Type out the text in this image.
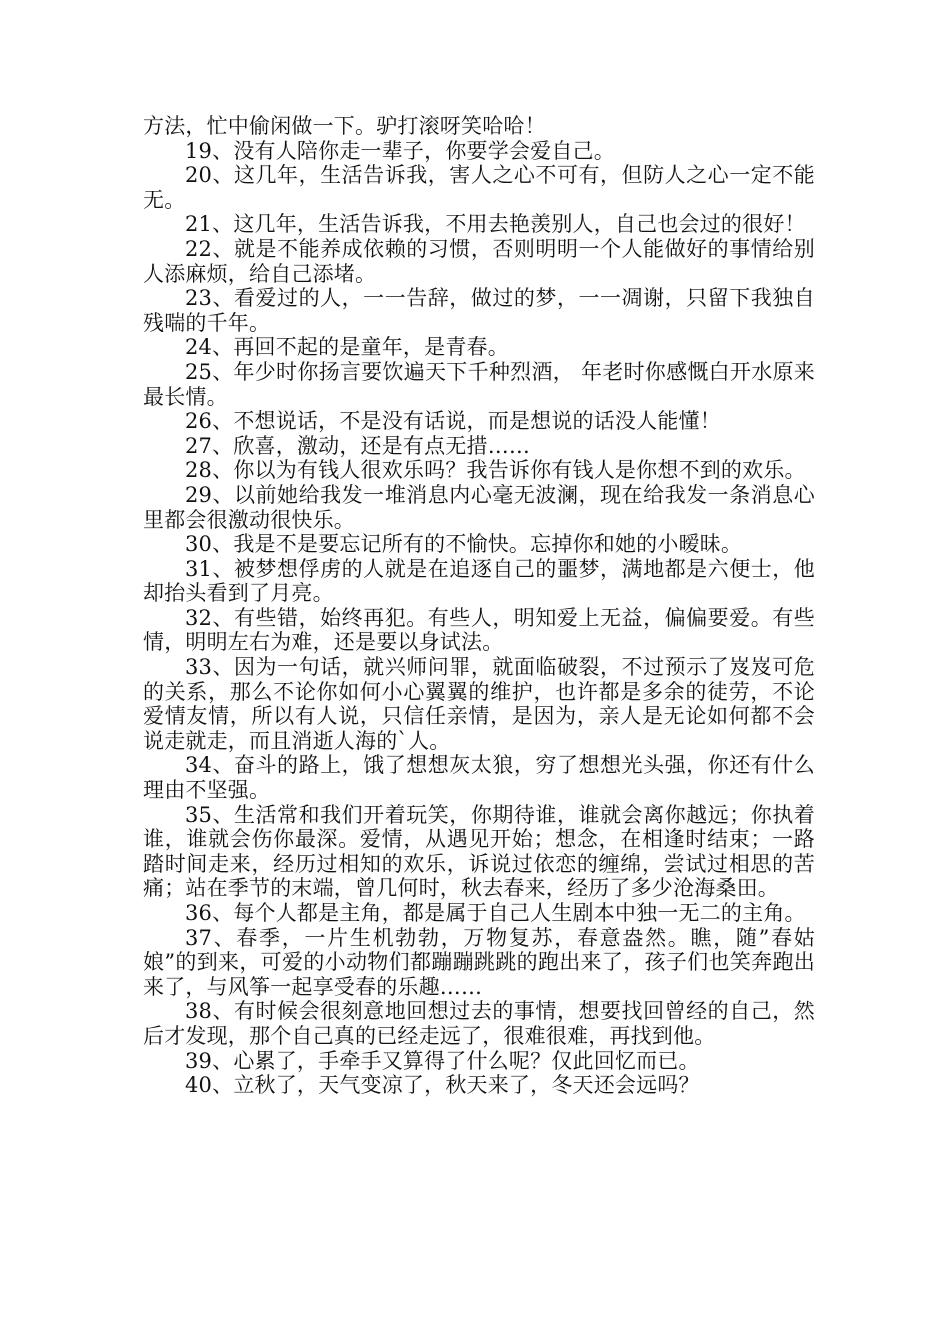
方法，忙中偷闲做一下。驴打滚呀笑哈哈！

19、没有人陪你走一辈子，你要学会爱自己。

20、这几年，生活告诉我，害人之心不可有，但防人之心一定不能无。

21、这几年，生活告诉我，不用去艳羡别人，自己也会过的很好！

22、就是不能养成依赖的习惯，否则明明一个人能做好的事情给别人添麻烦，给自己添堵。

23、看爱过的人，一一告辞，做过的梦，一一凋谢，只留下我独自残喘的千年。

24、再回不起的是童年，是青春。

25、年少时你扬言要饮遍天下千种烈酒， 年老时你感慨白开水原来最长情。

26、不想说话，不是没有话说，而是想说的话没人能懂！

27、欣喜，激动，还是有点无措……

28、你以为有钱人很欢乐吗？我告诉你有钱人是你想不到的欢乐。

29、以前她给我发一堆消息内心毫无波澜，现在给我发一条消息心里都会很激动很快乐。

30、我是不是要忘记所有的不愉快。忘掉你和她的小暧昧。

31、被梦想俘虏的人就是在追逐自己的噩梦，满地都是六便士，他却抬头看到了月亮。

32、有些错，始终再犯。有些人，明知爱上无益，偏偏要爱。有些情，明明左右为难，还是要以身试法。

33、因为一句话，就兴师问罪，就面临破裂，不过预示了岌岌可危的关系，那么不论你如何小心翼翼的维护，也许都是多余的徒劳，不论爱情友情，所以有人说，只信任亲情，是因为，亲人是无论如何都不会说走就走，而且消逝人海的`人。

34、奋斗的路上，饿了想想灰太狼，穷了想想光头强，你还有什么理由不坚强。

35、生活常和我们开着玩笑，你期待谁，谁就会离你越远；你执着谁，谁就会伤你最深。爱情，从遇见开始；想念，在相逢时结束；一路踏时间走来，经历过相知的欢乐，诉说过依恋的缠绵，尝试过相思的苦痛；站在季节的末端，曾几何时，秋去春来，经历了多少沧海桑田。

36、每个人都是主角，都是属于自己人生剧本中独一无二的主角。

37、春季，一片生机勃勃，万物复苏，春意盎然。瞧，随”春姑娘”的到来，可爱的小动物们都蹦蹦跳跳的跑出来了，孩子们也笑奔跑出来了，与风筝一起享受春的乐趣……

38、有时候会很刻意地回想过去的事情，想要找回曾经的自己，然后才发现，那个自己真的已经走远了，很难很难，再找到他。

39、心累了，手牵手又算得了什么呢？仅此回忆而已。

40、立秋了，天气变凉了，秋天来了，冬天还会远吗？
